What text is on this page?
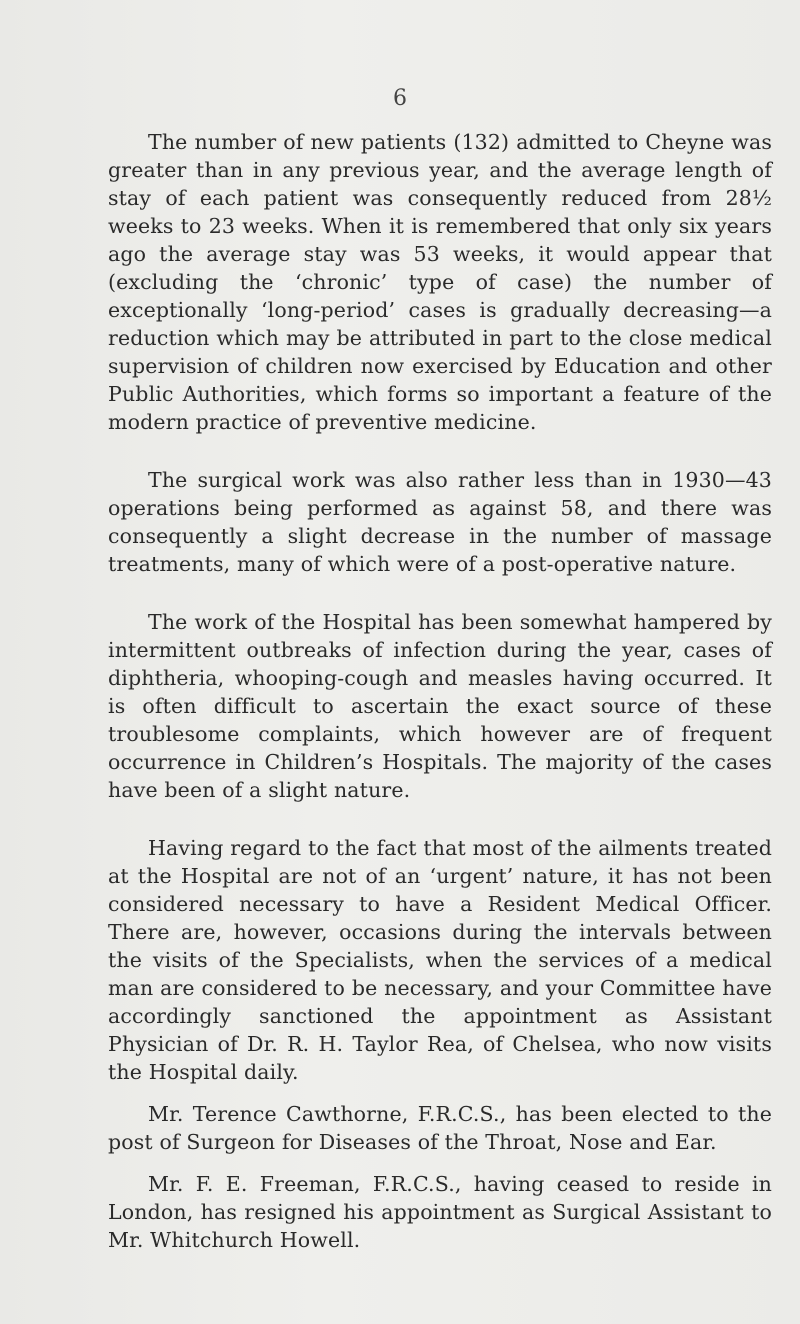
6

The number of new patients (132) admitted to Cheyne was greater than in any previous year, and the average length of stay of each patient was consequently reduced from 28½ weeks to 23 weeks. When it is remembered that only six years ago the average stay was 53 weeks, it would appear that (excluding the ‘chronic’ type of case) the number of exceptionally ‘long-period’ cases is gradually decreasing—a reduction which may be attributed in part to the close medical supervision of children now exercised by Education and other Public Authorities, which forms so important a feature of the modern practice of preventive medicine.

The surgical work was also rather less than in 1930—43 operations being performed as against 58, and there was consequently a slight decrease in the number of massage treatments, many of which were of a post-operative nature.

The work of the Hospital has been somewhat hampered by intermittent outbreaks of infection during the year, cases of diphtheria, whooping-cough and measles having occurred. It is often difficult to ascertain the exact source of these troublesome complaints, which however are of frequent occurrence in Children’s Hospitals. The majority of the cases have been of a slight nature.

Having regard to the fact that most of the ailments treated at the Hospital are not of an ‘urgent’ nature, it has not been considered necessary to have a Resident Medical Officer. There are, however, occasions during the intervals between the visits of the Specialists, when the services of a medical man are considered to be necessary, and your Committee have accordingly sanctioned the appointment as Assistant Physician of Dr. R. H. Taylor Rea, of Chelsea, who now visits the Hospital daily.

Mr. Terence Cawthorne, F.R.C.S., has been elected to the post of Surgeon for Diseases of the Throat, Nose and Ear.

Mr. F. E. Freeman, F.R.C.S., having ceased to reside in London, has resigned his appointment as Surgical Assistant to Mr. Whitchurch Howell.
